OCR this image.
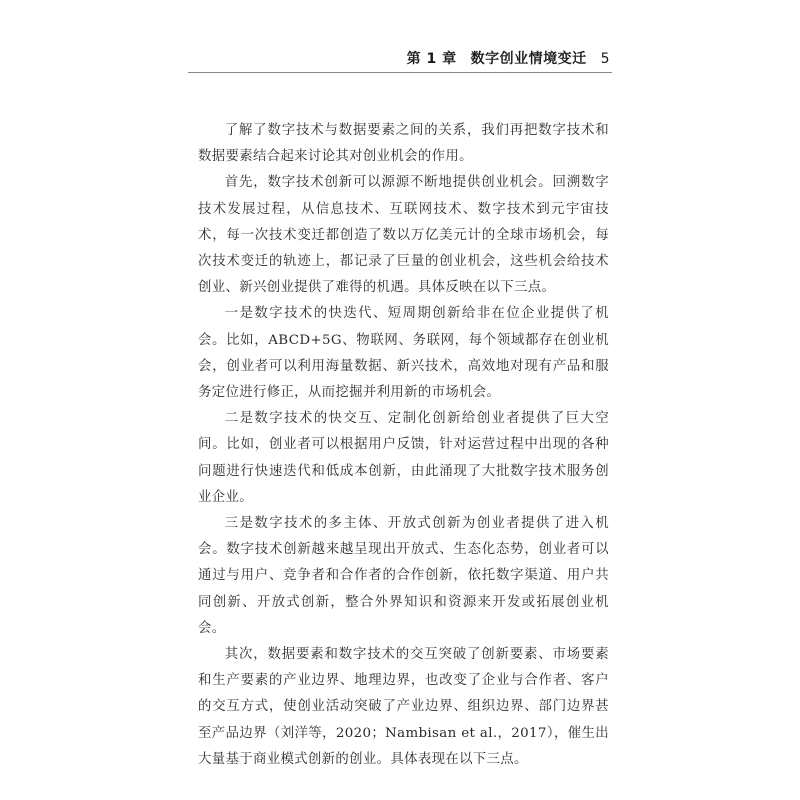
第 1 章 数字创业情境变迁 5

了解了数字技术与数据要素之间的关系，我们再把数字技术和数据要素结合起来讨论其对创业机会的作用。

首先，数字技术创新可以源源不断地提供创业机会。回溯数字技术发展过程，从信息技术、互联网技术、数字技术到元宇宙技术，每一次技术变迁都创造了数以万亿美元计的全球市场机会，每次技术变迁的轨迹上，都记录了巨量的创业机会，这些机会给技术创业、新兴创业提供了难得的机遇。具体反映在以下三点。

一是数字技术的快迭代、短周期创新给非在位企业提供了机会。比如，ABCD+5G、物联网、务联网，每个领域都存在创业机会，创业者可以利用海量数据、新兴技术，高效地对现有产品和服务定位进行修正，从而挖掘并利用新的市场机会。

二是数字技术的快交互、定制化创新给创业者提供了巨大空间。比如，创业者可以根据用户反馈，针对运营过程中出现的各种问题进行快速迭代和低成本创新，由此涌现了大批数字技术服务创业企业。

三是数字技术的多主体、开放式创新为创业者提供了进入机会。数字技术创新越来越呈现出开放式、生态化态势，创业者可以通过与用户、竞争者和合作者的合作创新，依托数字渠道、用户共同创新、开放式创新，整合外界知识和资源来开发或拓展创业机会。

其次，数据要素和数字技术的交互突破了创新要素、市场要素和生产要素的产业边界、地理边界，也改变了企业与合作者、客户的交互方式，使创业活动突破了产业边界、组织边界、部门边界甚至产品边界（刘洋等，2020；Nambisan et al.，2017），催生出大量基于商业模式创新的创业。具体表现在以下三点。
